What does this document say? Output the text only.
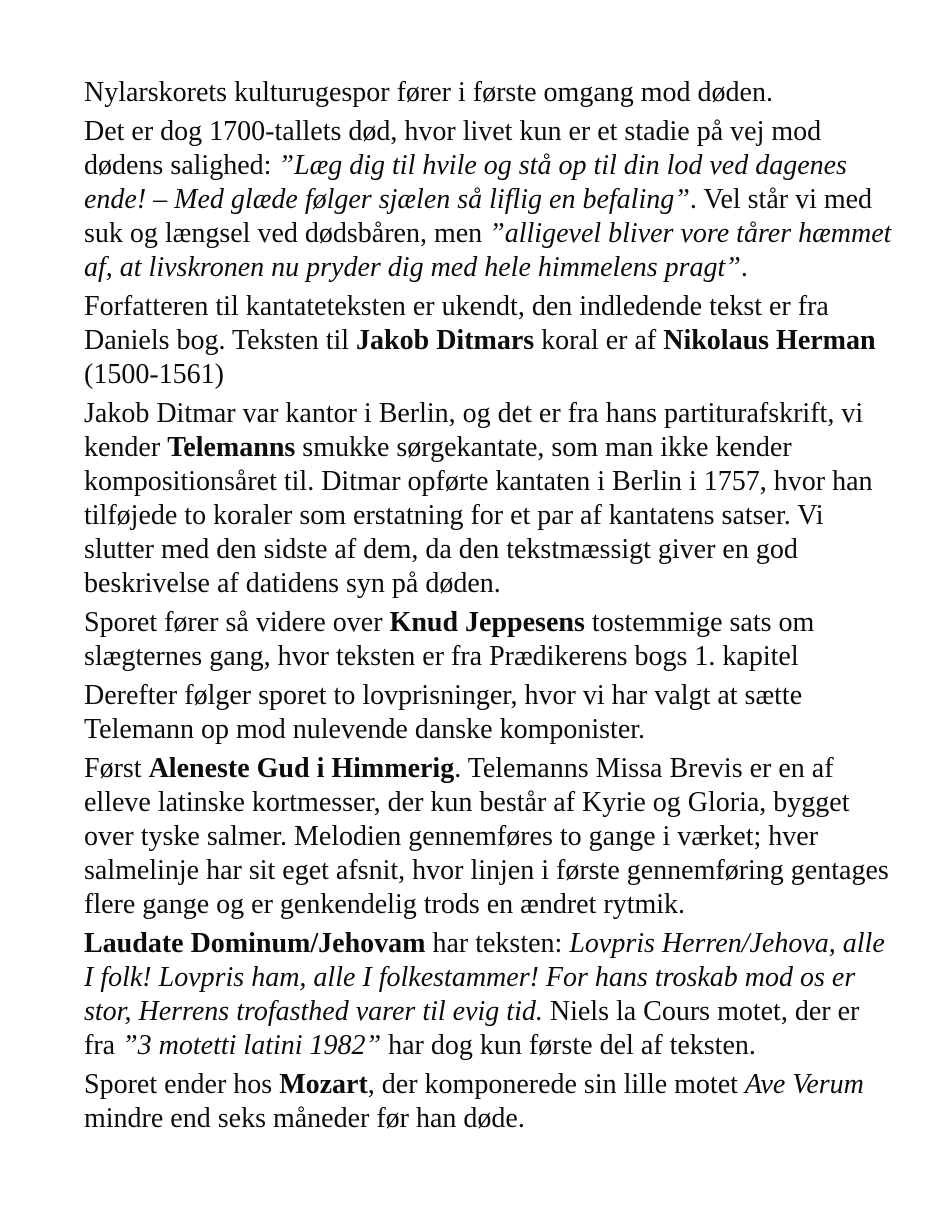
Nylarskorets kulturugespor fører i første omgang mod døden.

Det er dog 1700-tallets død, hvor livet kun er et stadie på vej mod dødens salighed: ”Læg dig til hvile og stå op til din lod ved dagenes ende! – Med glæde følger sjælen så liflig en befaling”. Vel står vi med suk og længsel ved dødsbåren, men ”alligevel bliver vore tårer hæmmet af, at livskronen nu pryder dig med hele himmelens pragt”.

Forfatteren til kantateteksten er ukendt, den indledende tekst er fra Daniels bog. Teksten til Jakob Ditmars koral er af Nikolaus Herman (1500-1561)

Jakob Ditmar var kantor i Berlin, og det er fra hans partiturafskrift, vi kender Telemanns smukke sørgekantate, som man ikke kender kompositionsåret til. Ditmar opførte kantaten i Berlin i 1757, hvor han tilføjede to koraler som erstatning for et par af kantatens satser. Vi slutter med den sidste af dem, da den tekstmæssigt giver en god beskrivelse af datidens syn på døden.

Sporet fører så videre over Knud Jeppesens tostemmige sats om slægternes gang, hvor teksten er fra Prædikerens bogs 1. kapitel

Derefter følger sporet to lovprisninger, hvor vi har valgt at sætte Telemann op mod nulevende danske komponister.

Først Aleneste Gud i Himmerig. Telemanns Missa Brevis er en af elleve latinske kortmesser, der kun består af Kyrie og Gloria, bygget over tyske salmer. Melodien gennemføres to gange i værket; hver salmelinje har sit eget afsnit, hvor linjen i første gennemføring gentages flere gange og er genkendelig trods en ændret rytmik.

Laudate Dominum/Jehovam har teksten: Lovpris Herren/Jehova, alle I folk! Lovpris ham, alle I folkestammer! For hans troskab mod os er stor, Herrens trofasthed varer til evig tid. Niels la Cours motet, der er fra ”3 motetti latini 1982” har dog kun første del af teksten.

Sporet ender hos Mozart, der komponerede sin lille motet Ave Verum mindre end seks måneder før han døde.
